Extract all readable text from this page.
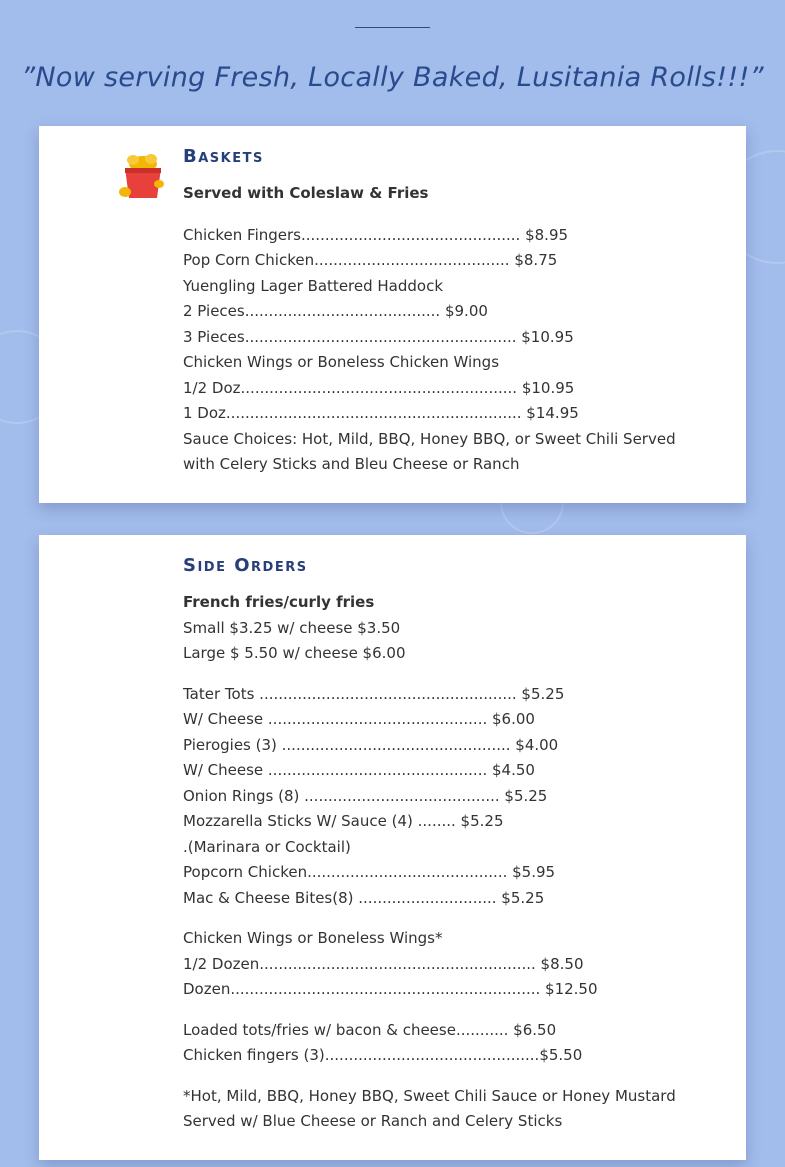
”Now serving Fresh, Locally Baked, Lusitania Rolls!!!”
Baskets
Served with Coleslaw & Fries
Chicken Fingers.............................................. $8.95
Pop Corn Chicken......................................... $8.75
Yuengling Lager Battered Haddock
2 Pieces......................................... $9.00
3 Pieces......................................................... $10.95
Chicken Wings or Boneless Chicken Wings
1/2 Doz.......................................................... $10.95
1 Doz.............................................................. $14.95
Sauce Choices: Hot, Mild, BBQ, Honey BBQ, or Sweet Chili Served with Celery Sticks and Bleu Cheese or Ranch
Side Orders
French fries/curly fries
Small $3.25 w/ cheese $3.50
Large $ 5.50 w/ cheese $6.00
Tater Tots ...................................................... $5.25
W/ Cheese .............................................. $6.00
Pierogies (3) ................................................ $4.00
W/ Cheese .............................................. $4.50
Onion Rings (8) ......................................... $5.25
Mozzarella Sticks W/ Sauce (4) ........ $5.25
.(Marinara or Cocktail)
Popcorn Chicken.......................................... $5.95
Mac & Cheese Bites(8) ............................. $5.25
Chicken Wings or Boneless Wings*
1/2 Dozen.......................................................... $8.50
Dozen................................................................. $12.50
Loaded tots/fries w/ bacon & cheese........... $6.50
Chicken fingers (3).............................................$5.50
*Hot, Mild, BBQ, Honey BBQ, Sweet Chili Sauce or Honey Mustard Served w/ Blue Cheese or Ranch and Celery Sticks
